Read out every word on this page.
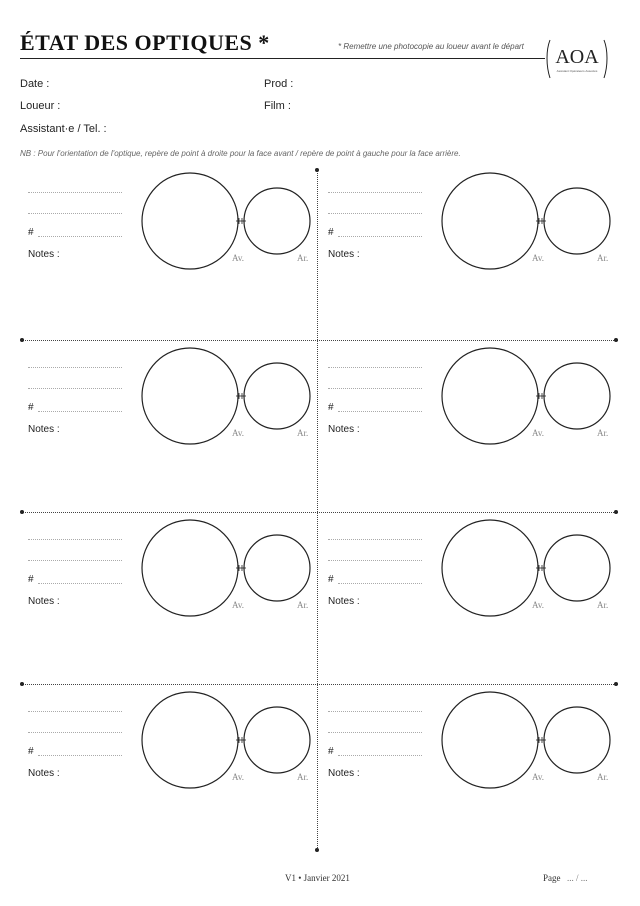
ÉTAT DES OPTIQUES *	* Remettre une photocopie au loueur avant le départ AOA
Assistant Opérateurs Associés
Date :	Prod :
Loueur :	Film :
Assistant·e / Tel. :
NB : Pour l'orientation de l'optique, repère de point à droite pour la face avant / repère de point à gauche pour la face arrière.
#
Notes :	Av.	Ar.
#
Notes :	Av.	Ar.
#
Notes :	Av.	Ar.
#
Notes :	Av.	Ar.
#
Notes :	Av.	Ar.
#
Notes :	Av.	Ar.
#
Notes :	Av.	Ar.
#
Notes :	Av.	Ar.
V1 • Janvier 2021	Page ... / ...
